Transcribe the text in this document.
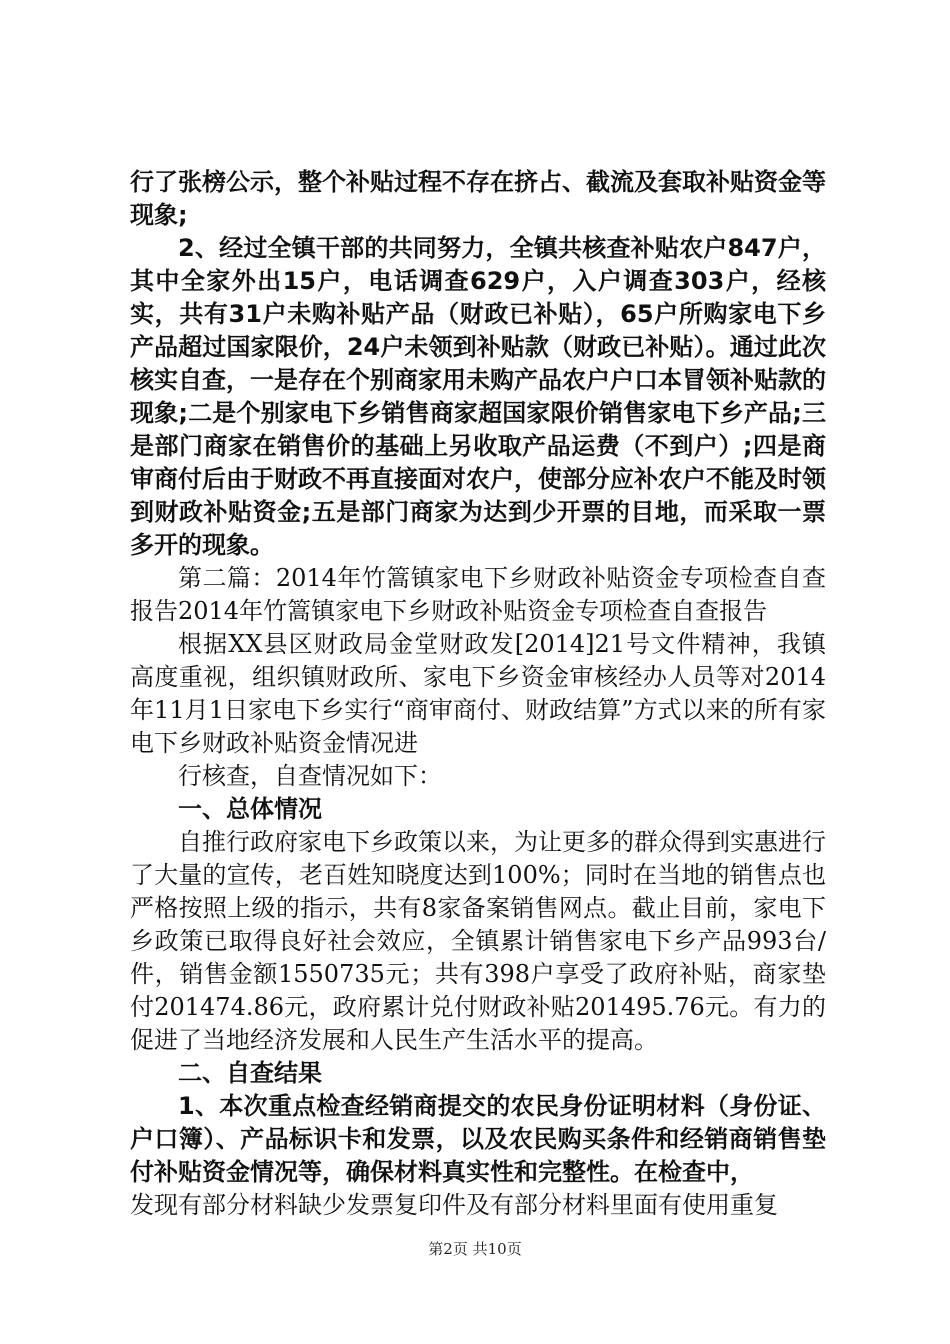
行了张榜公示，整个补贴过程不存在挤占、截流及套取补贴资金等现象;

2、经过全镇干部的共同努力，全镇共核查补贴农户847户，其中全家外出15户，电话调查629户，入户调查303户，经核实，共有31户未购补贴产品（财政已补贴），65户所购家电下乡产品超过国家限价，24户未领到补贴款（财政已补贴）。通过此次核实自查，一是存在个别商家用未购产品农户户口本冒领补贴款的现象;二是个别家电下乡销售商家超国家限价销售家电下乡产品;三是部门商家在销售价的基础上另收取产品运费（不到户）;四是商审商付后由于财政不再直接面对农户，使部分应补农户不能及时领到财政补贴资金;五是部门商家为达到少开票的目地，而采取一票多开的现象。

第二篇：2014年竹篙镇家电下乡财政补贴资金专项检查自查报告2014年竹篙镇家电下乡财政补贴资金专项检查自查报告

根据XX县区财政局金堂财政发[2014]21号文件精神，我镇高度重视，组织镇财政所、家电下乡资金审核经办人员等对2014年11月1日家电下乡实行“商审商付、财政结算”方式以来的所有家电下乡财政补贴资金情况进

行核查，自查情况如下：

一、总体情况

自推行政府家电下乡政策以来，为让更多的群众得到实惠进行了大量的宣传，老百姓知晓度达到100%；同时在当地的销售点也严格按照上级的指示，共有8家备案销售网点。截止目前，家电下乡政策已取得良好社会效应，全镇累计销售家电下乡产品993台/件，销售金额1550735元；共有398户享受了政府补贴，商家垫付201474.86元，政府累计兑付财政补贴201495.76元。有力的促进了当地经济发展和人民生产生活水平的提高。

二、自查结果

1、本次重点检查经销商提交的农民身份证明材料（身份证、户口簿）、产品标识卡和发票，以及农民购买条件和经销商销售垫付补贴资金情况等，确保材料真实性和完整性。在检查中，

发现有部分材料缺少发票复印件及有部分材料里面有使用重复

第2页 共10页
